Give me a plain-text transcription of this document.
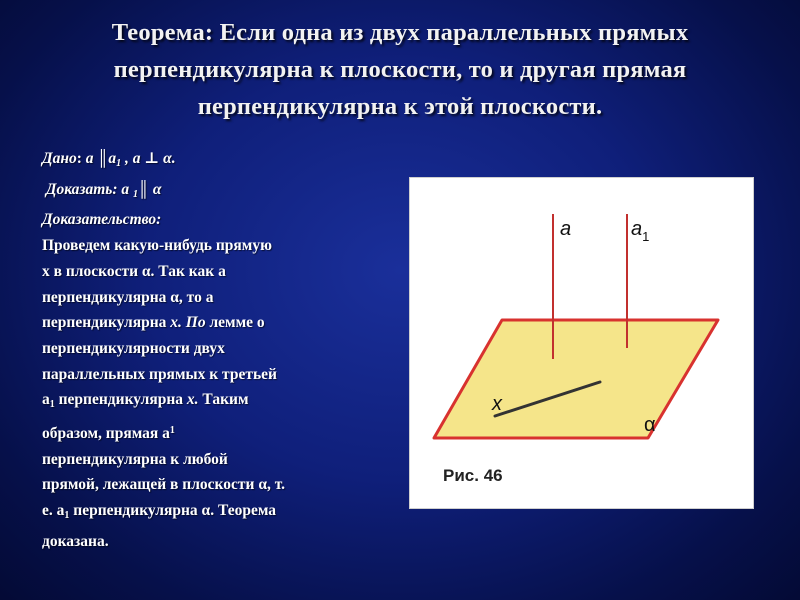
Теорема: Если одна из двух параллельных прямых
перпендикулярна к плоскости, то и другая прямая
перпендикулярна к этой плоскости.
Дано: a $║a_1$ , a ⊥ α.
Доказать: a $_1$║ α
Доказательство:
Проведем какую-нибудь прямую
х в плоскости α. Так как а
перпендикулярна α, то а
перпендикулярна х. По лемме о
перпендикулярности двух
параллельных прямых к третьей
$а_1$ перпендикулярна х. Таким
образом, прямая $а^1$
перпендикулярна к любой
прямой, лежащей в плоскости α, т.
е. $а_1$ перпендикулярна α. Теорема
доказана.
a	$a_1$
x
α
Рис. 46
